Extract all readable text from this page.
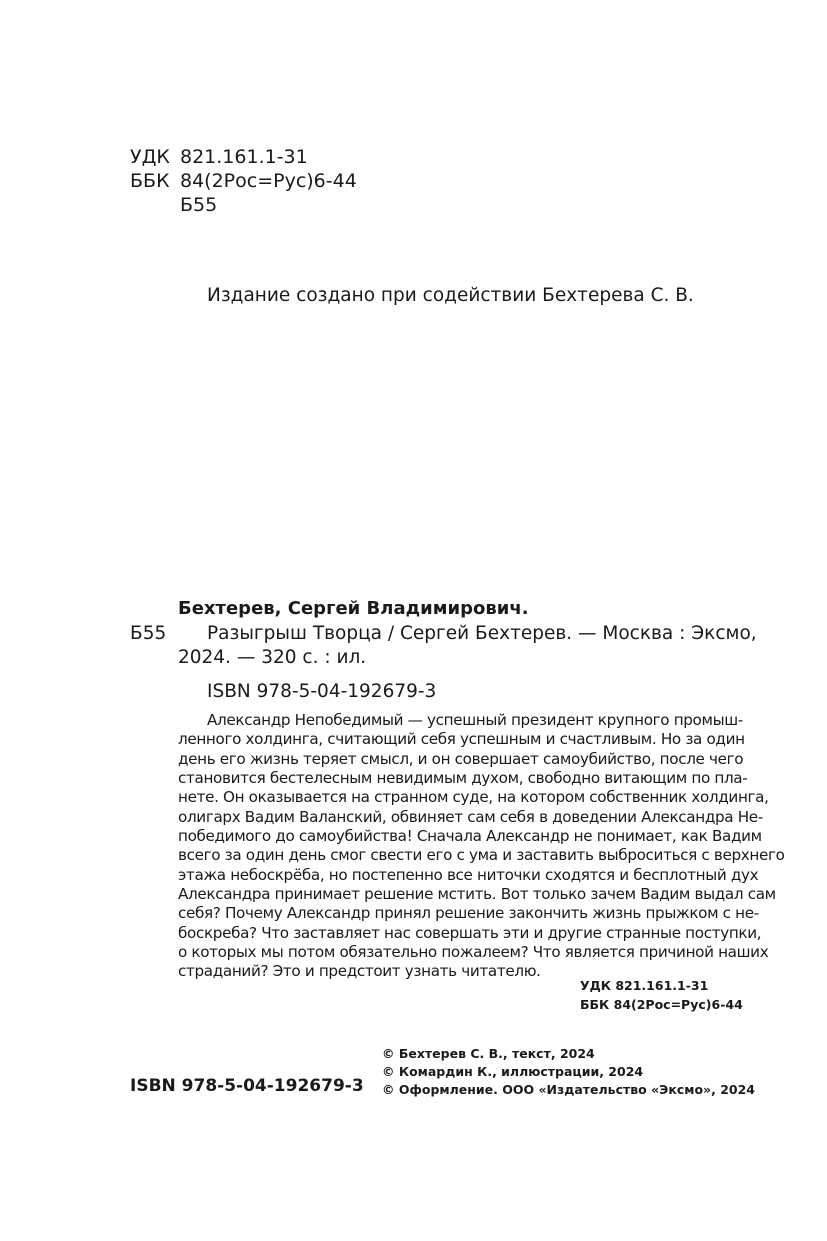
УДК 821.161.1-31
ББК 84(2Рос=Рус)6-44
Б55
Издание создано при содействии Бехтерева С. В.
Бехтерев, Сергей Владимирович.
Б55	Разыгрыш Творца / Сергей Бехтерев. — Москва : Эксмо,
2024. — 320 с. : ил.
ISBN 978-5-04-192679-3
Александр Непобедимый — успешный президент крупного промыш-
ленного холдинга, считающий себя успешным и счастливым. Но за один
день его жизнь теряет смысл, и он совершает самоубийство, после чего
становится бестелесным невидимым духом, свободно витающим по пла-
нете. Он оказывается на странном суде, на котором собственник холдинга,
олигарх Вадим Валанский, обвиняет сам себя в доведении Александра Не-
победимого до самоубийства! Сначала Александр не понимает, как Вадим
всего за один день смог свести его с ума и заставить выброситься с верхнего
этажа небоскрёба, но постепенно все ниточки сходятся и бесплотный дух
Александра принимает решение мстить. Вот только зачем Вадим выдал сам
себя? Почему Александр принял решение закончить жизнь прыжком с не-
боскреба? Что заставляет нас совершать эти и другие странные поступки,
о которых мы потом обязательно пожалеем? Что является причиной наших
страданий? Это и предстоит узнать читателю.
УДК 821.161.1-31
ББК 84(2Рос=Рус)6-44
ISBN 978-5-04-192679-3
© Бехтерев С. В., текст, 2024
© Комардин К., иллюстрации, 2024
© Оформление. ООО «Издательство «Эксмо», 2024
